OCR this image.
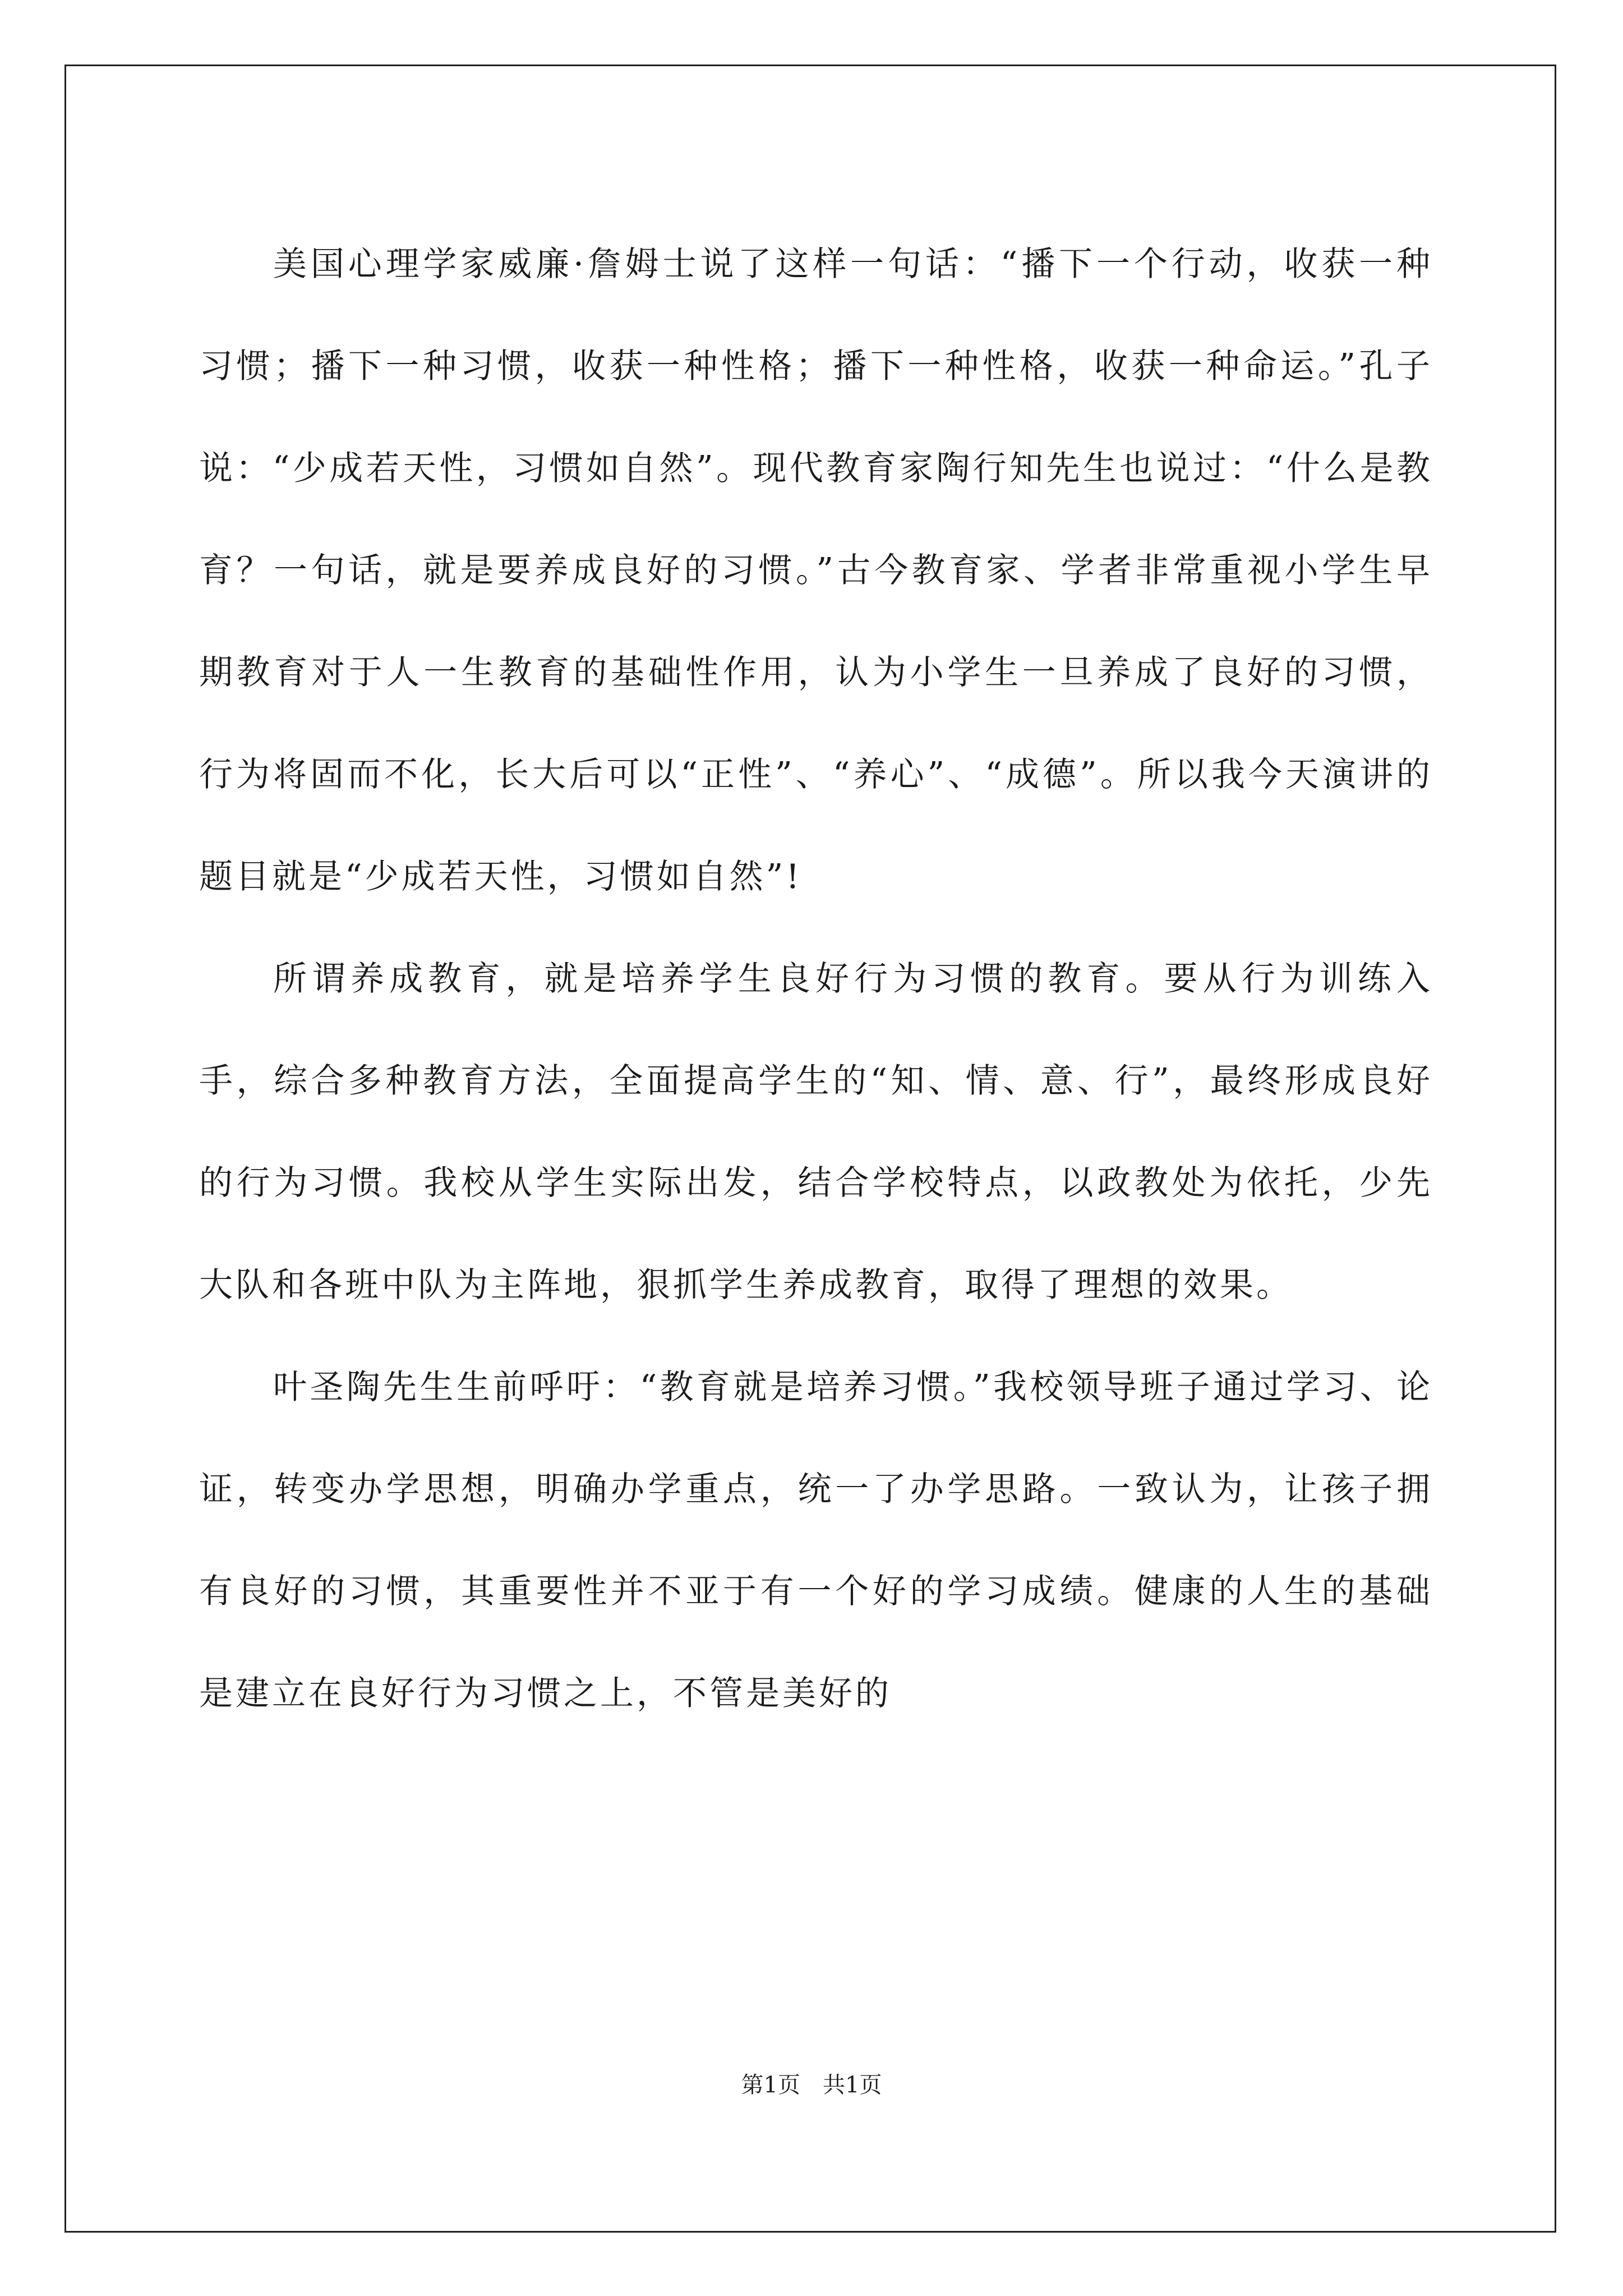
美国心理学家威廉·詹姆士说了这样一句话：“播下一个行动，收获一种习惯；播下一种习惯，收获一种性格；播下一种性格，收获一种命运。”孔子说：“少成若天性，习惯如自然”。现代教育家陶行知先生也说过：“什么是教育？一句话，就是要养成良好的习惯。”古今教育家、学者非常重视小学生早期教育对于人一生教育的基础性作用，认为小学生一旦养成了良好的习惯，行为将固而不化，长大后可以“正性”、“养心”、“成德”。所以我今天演讲的题目就是“少成若天性，习惯如自然”!

所谓养成教育，就是培养学生良好行为习惯的教育。要从行为训练入手，综合多种教育方法，全面提高学生的“知、情、意、行”，最终形成良好的行为习惯。我校从学生实际出发，结合学校特点，以政教处为依托，少先大队和各班中队为主阵地，狠抓学生养成教育，取得了理想的效果。

叶圣陶先生生前呼吁：“教育就是培养习惯。”我校领导班子通过学习、论证，转变办学思想，明确办学重点，统一了办学思路。一致认为，让孩子拥有良好的习惯，其重要性并不亚于有一个好的学习成绩。健康的人生的基础是建立在良好行为习惯之上，不管是美好的

第1页　共1页
